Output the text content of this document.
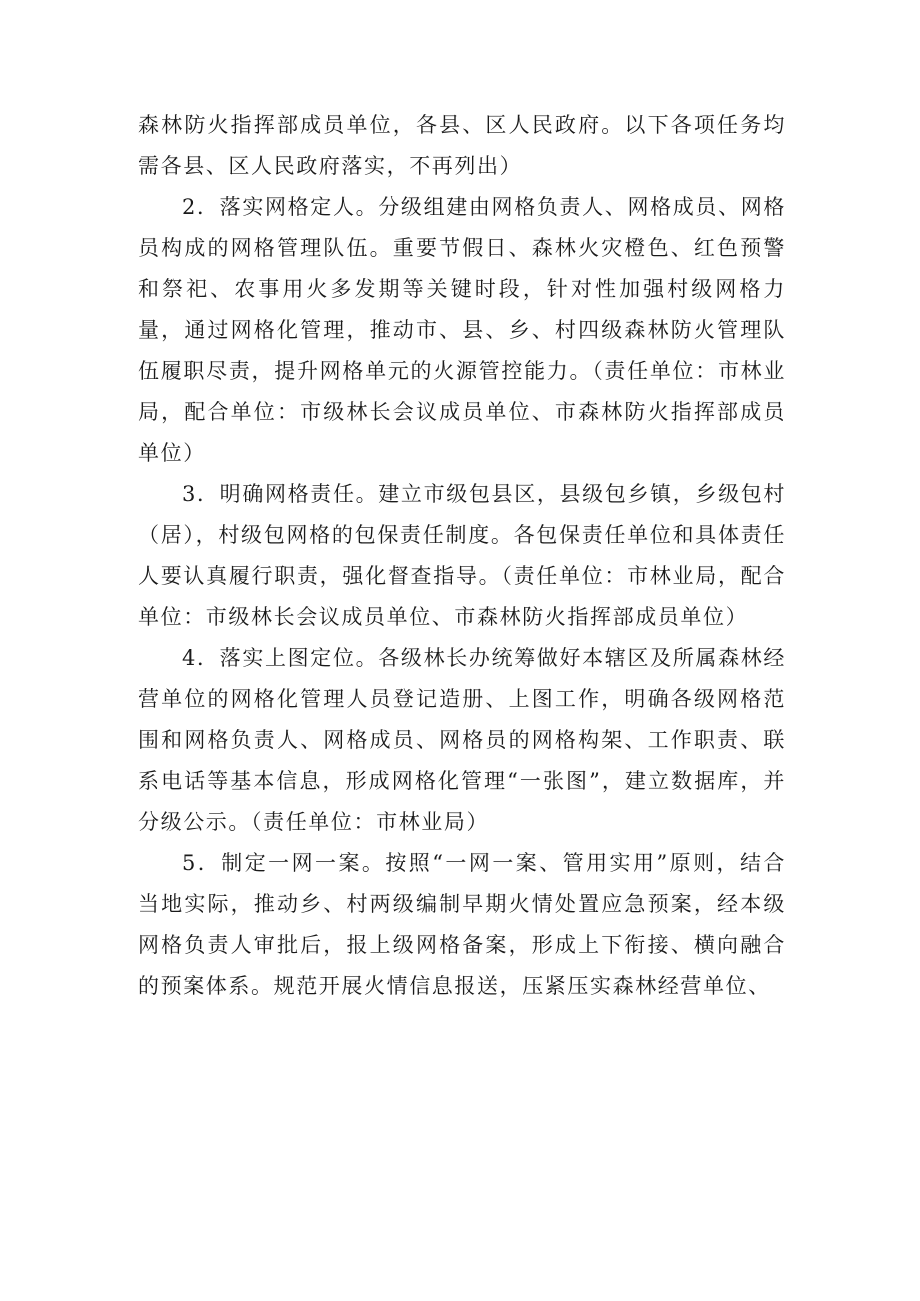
森林防火指挥部成员单位，各县、区人民政府。以下各项任务均需各县、区人民政府落实，不再列出）

2．落实网格定人。分级组建由网格负责人、网格成员、网格员构成的网格管理队伍。重要节假日、森林火灾橙色、红色预警和祭祀、农事用火多发期等关键时段，针对性加强村级网格力量，通过网格化管理，推动市、县、乡、村四级森林防火管理队伍履职尽责，提升网格单元的火源管控能力。（责任单位：市林业局，配合单位：市级林长会议成员单位、市森林防火指挥部成员单位）

3．明确网格责任。建立市级包县区，县级包乡镇，乡级包村（居），村级包网格的包保责任制度。各包保责任单位和具体责任人要认真履行职责，强化督查指导。（责任单位：市林业局，配合单位：市级林长会议成员单位、市森林防火指挥部成员单位）

4．落实上图定位。各级林长办统筹做好本辖区及所属森林经营单位的网格化管理人员登记造册、上图工作，明确各级网格范围和网格负责人、网格成员、网格员的网格构架、工作职责、联系电话等基本信息，形成网格化管理“一张图”，建立数据库，并分级公示。（责任单位：市林业局）

5．制定一网一案。按照“一网一案、管用实用”原则，结合当地实际，推动乡、村两级编制早期火情处置应急预案，经本级网格负责人审批后，报上级网格备案，形成上下衔接、横向融合的预案体系。规范开展火情信息报送，压紧压实森林经营单位、
